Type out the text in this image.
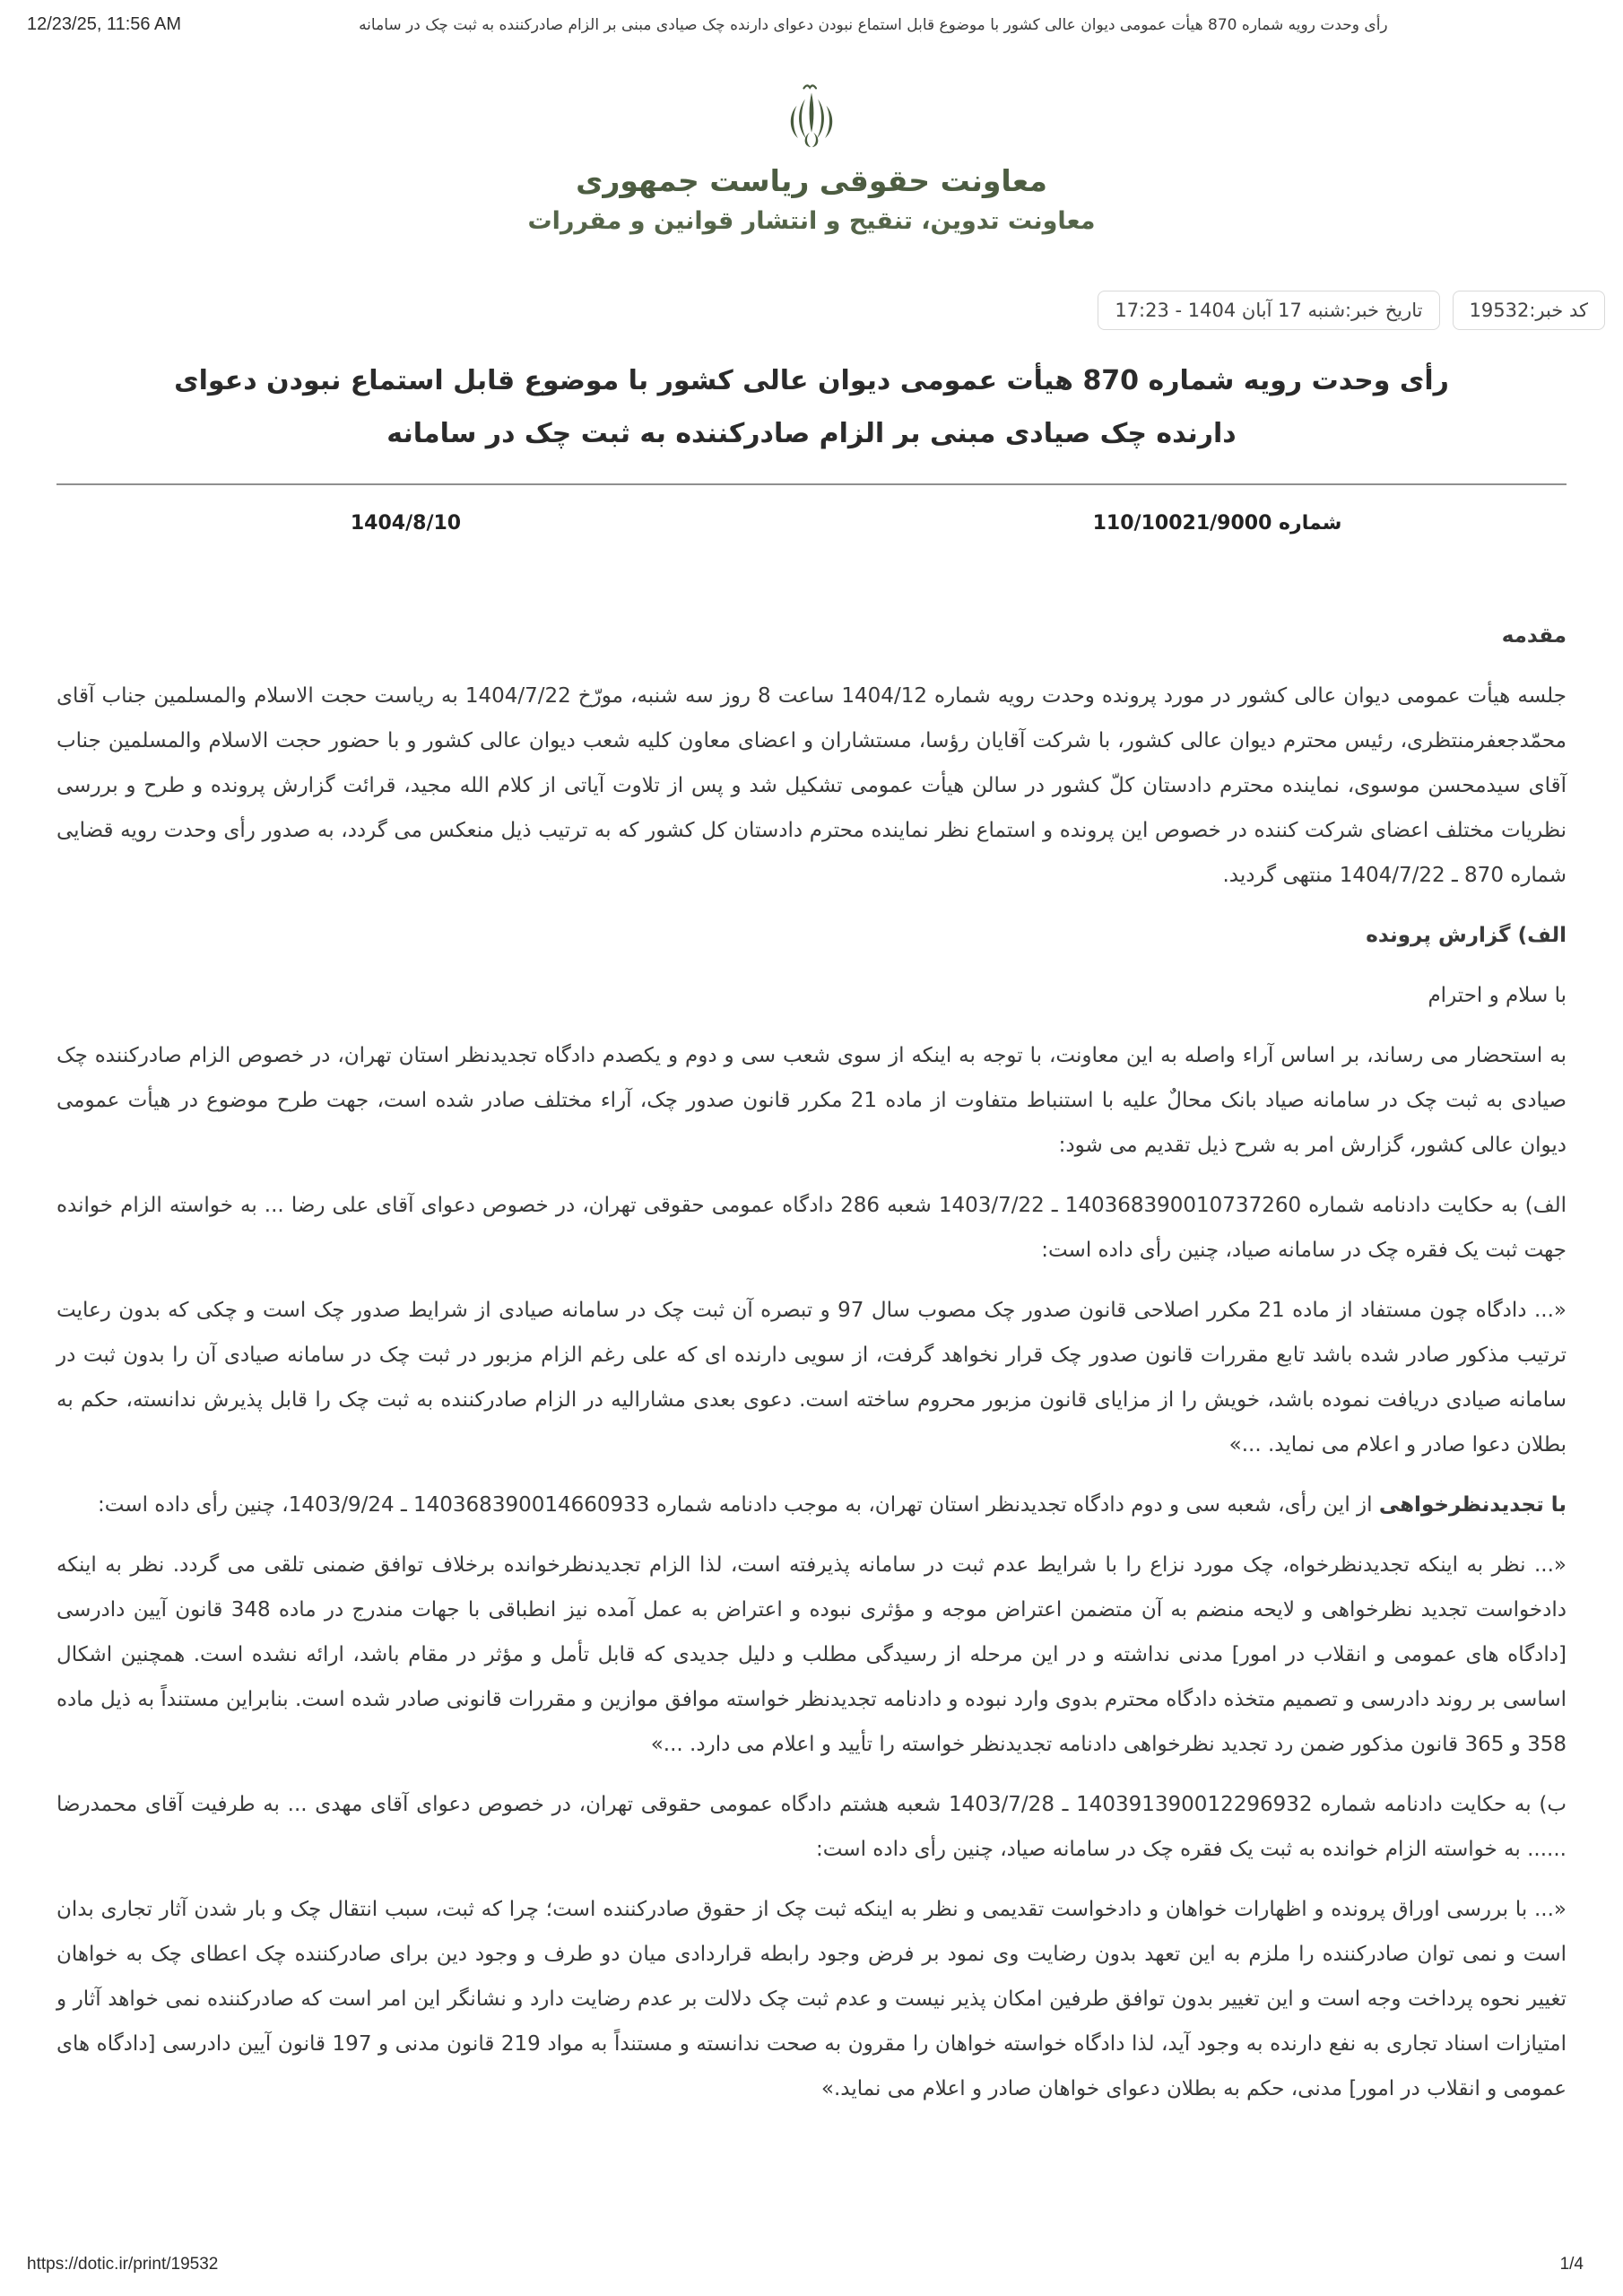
12/23/25, 11:56 AM	رأی وحدت رویه شماره 870 هیأت عمومی دیوان عالی کشور با موضوع قابل استماع نبودن دعوای دارنده چک صیادی مبنی بر الزام صادرکننده به ثبت چک در سامانه
معاونت حقوقی ریاست جمهوری
معاونت تدوین، تنقیح و انتشار قوانین و مقررات
کد خبر:19532
تاریخ خبر:شنبه 17 آبان 1404 - 17:23
رأی وحدت رویه شماره 870 هیأت عمومی دیوان عالی کشور با موضوع قابل استماع نبودن دعوای دارنده چک صیادی مبنی بر الزام صادرکننده به ثبت چک در سامانه
شماره 110/10021/9000
1404/8/10

مقدمه

جلسه هیأت عمومی دیوان عالی کشور در مورد پرونده وحدت رویه شماره 1404/12 ساعت 8 روز سه شنبه، مورّخ 1404/7/22 به ریاست حجت الاسلام والمسلمین جناب آقای محمّدجعفرمنتظری، رئیس محترم دیوان عالی کشور، با شرکت آقایان رؤسا، مستشاران و اعضای معاون کلیه شعب دیوان عالی کشور و با حضور حجت الاسلام والمسلمین جناب آقای سیدمحسن موسوی، نماینده محترم دادستان کلّ کشور در سالن هیأت عمومی تشکیل شد و پس از تلاوت آیاتی از کلام الله مجید، قرائت گزارش پرونده و طرح و بررسی نظریات مختلف اعضای شرکت کننده در خصوص این پرونده و استماع نظر نماینده محترم دادستان کل کشور که به ترتیب ذیل منعکس می گردد، به صدور رأی وحدت رویه قضایی شماره 870 ـ 1404/7/22 منتهی گردید.

الف) گزارش پرونده

با سلام و احترام

به استحضار می رساند، بر اساس آراء واصله به این معاونت، با توجه به اینکه از سوی شعب سی و دوم و یکصدم دادگاه تجدیدنظر استان تهران، در خصوص الزام صادرکننده چک صیادی به ثبت چک در سامانه صیاد بانک محالٌ علیه با استنباط متفاوت از ماده 21 مکرر قانون صدور چک، آراء مختلف صادر شده است، جهت طرح موضوع در هیأت عمومی دیوان عالی کشور، گزارش امر به شرح ذیل تقدیم می شود:

الف) به حکایت دادنامه شماره 140368390010737260 ـ 1403/7/22 شعبه 286 دادگاه عمومی حقوقی تهران، در خصوص دعوای آقای علی رضا ... به خواسته الزام خوانده جهت ثبت یک فقره چک در سامانه صیاد، چنین رأی داده است:

«... دادگاه چون مستفاد از ماده 21 مکرر اصلاحی قانون صدور چک مصوب سال 97 و تبصره آن ثبت چک در سامانه صیادی از شرایط صدور چک است و چکی که بدون رعایت ترتیب مذکور صادر شده باشد تابع مقررات قانون صدور چک قرار نخواهد گرفت، از سویی دارنده ای که علی رغم الزام مزبور در ثبت چک در سامانه صیادی آن را بدون ثبت در سامانه صیادی دریافت نموده باشد، خویش را از مزایای قانون مزبور محروم ساخته است. دعوی بعدی مشارالیه در الزام صادرکننده به ثبت چک را قابل پذیرش ندانسته، حکم به بطلان دعوا صادر و اعلام می نماید. ...»

با تجدیدنظرخواهی از این رأی، شعبه سی و دوم دادگاه تجدیدنظر استان تهران، به موجب دادنامه شماره 140368390014660933 ـ 1403/9/24، چنین رأی داده است:

«... نظر به اینکه تجدیدنظرخواه، چک مورد نزاع را با شرایط عدم ثبت در سامانه پذیرفته است، لذا الزام تجدیدنظرخوانده برخلاف توافق ضمنی تلقی می گردد. نظر به اینکه دادخواست تجدید نظرخواهی و لایحه منضم به آن متضمن اعتراض موجه و مؤثری نبوده و اعتراض به عمل آمده نیز انطباقی با جهات مندرج در ماده 348 قانون آیین دادرسی [دادگاه های عمومی و انقلاب در امور] مدنی نداشته و در این مرحله از رسیدگی مطلب و دلیل جدیدی که قابل تأمل و مؤثر در مقام باشد، ارائه نشده است. همچنین اشکال اساسی بر روند دادرسی و تصمیم متخذه دادگاه محترم بدوی وارد نبوده و دادنامه تجدیدنظر خواسته موافق موازین و مقررات قانونی صادر شده است. بنابراین مستنداً به ذیل ماده 358 و 365 قانون مذکور ضمن رد تجدید نظرخواهی دادنامه تجدیدنظر خواسته را تأیید و اعلام می دارد. ...»

ب) به حکایت دادنامه شماره 140391390012296932 ـ 1403/7/28 شعبه هشتم دادگاه عمومی حقوقی تهران، در خصوص دعوای آقای مهدی ... به طرفیت آقای محمدرضا ...... به خواسته الزام خوانده به ثبت یک فقره چک در سامانه صیاد، چنین رأی داده است:

«... با بررسی اوراق پرونده و اظهارات خواهان و دادخواست تقدیمی و نظر به اینکه ثبت چک از حقوق صادرکننده است؛ چرا که ثبت، سبب انتقال چک و بار شدن آثار تجاری بدان است و نمی توان صادرکننده را ملزم به این تعهد بدون رضایت وی نمود بر فرض وجود رابطه قراردادی میان دو طرف و وجود دین برای صادرکننده چک اعطای چک به خواهان تغییر نحوه پرداخت وجه است و این تغییر بدون توافق طرفین امکان پذیر نیست و عدم ثبت چک دلالت بر عدم رضایت دارد و نشانگر این امر است که صادرکننده نمی خواهد آثار و امتیازات اسناد تجاری به نفع دارنده به وجود آید، لذا دادگاه خواسته خواهان را مقرون به صحت ندانسته و مستنداً به مواد 219 قانون مدنی و 197 قانون آیین دادرسی [دادگاه های عمومی و انقلاب در امور] مدنی، حکم به بطلان دعوای خواهان صادر و اعلام می نماید.»

https://dotic.ir/print/19532	1/4
